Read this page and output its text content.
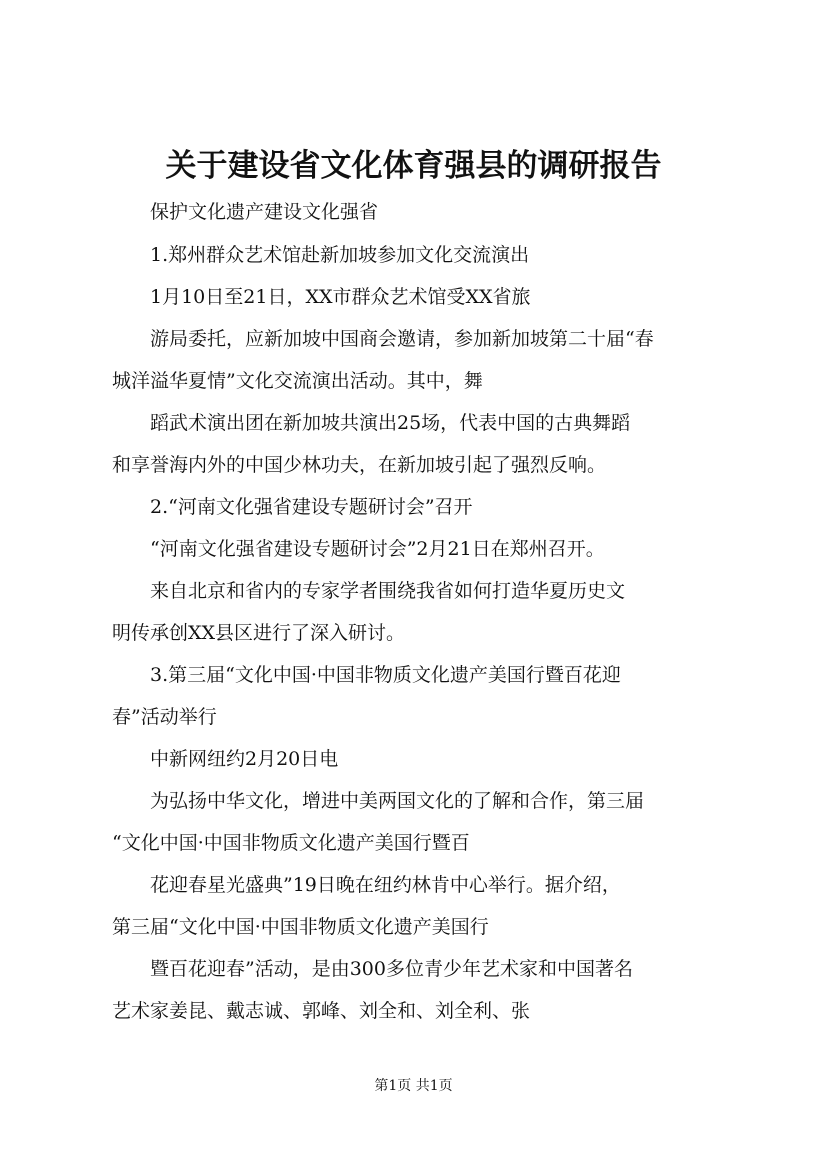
关于建设省文化体育强县的调研报告

保护文化遗产建设文化强省

1.郑州群众艺术馆赴新加坡参加文化交流演出

1月10日至21日，XX市群众艺术馆受XX省旅

游局委托，应新加坡中国商会邀请，参加新加坡第二十届“春

城洋溢华夏情”文化交流演出活动。其中，舞

蹈武术演出团在新加坡共演出25场，代表中国的古典舞蹈

和享誉海内外的中国少林功夫，在新加坡引起了强烈反响。

2.“河南文化强省建设专题研讨会”召开

“河南文化强省建设专题研讨会”2月21日在郑州召开。

来自北京和省内的专家学者围绕我省如何打造华夏历史文

明传承创XX县区进行了深入研讨。

3.第三届“文化中国·中国非物质文化遗产美国行暨百花迎

春”活动举行

中新网纽约2月20日电

为弘扬中华文化，增进中美两国文化的了解和合作，第三届

“文化中国·中国非物质文化遗产美国行暨百

花迎春星光盛典”19日晚在纽约林肯中心举行。据介绍，

第三届“文化中国·中国非物质文化遗产美国行

暨百花迎春”活动，是由300多位青少年艺术家和中国著名

艺术家姜昆、戴志诚、郭峰、刘全和、刘全利、张

第1页 共1页
